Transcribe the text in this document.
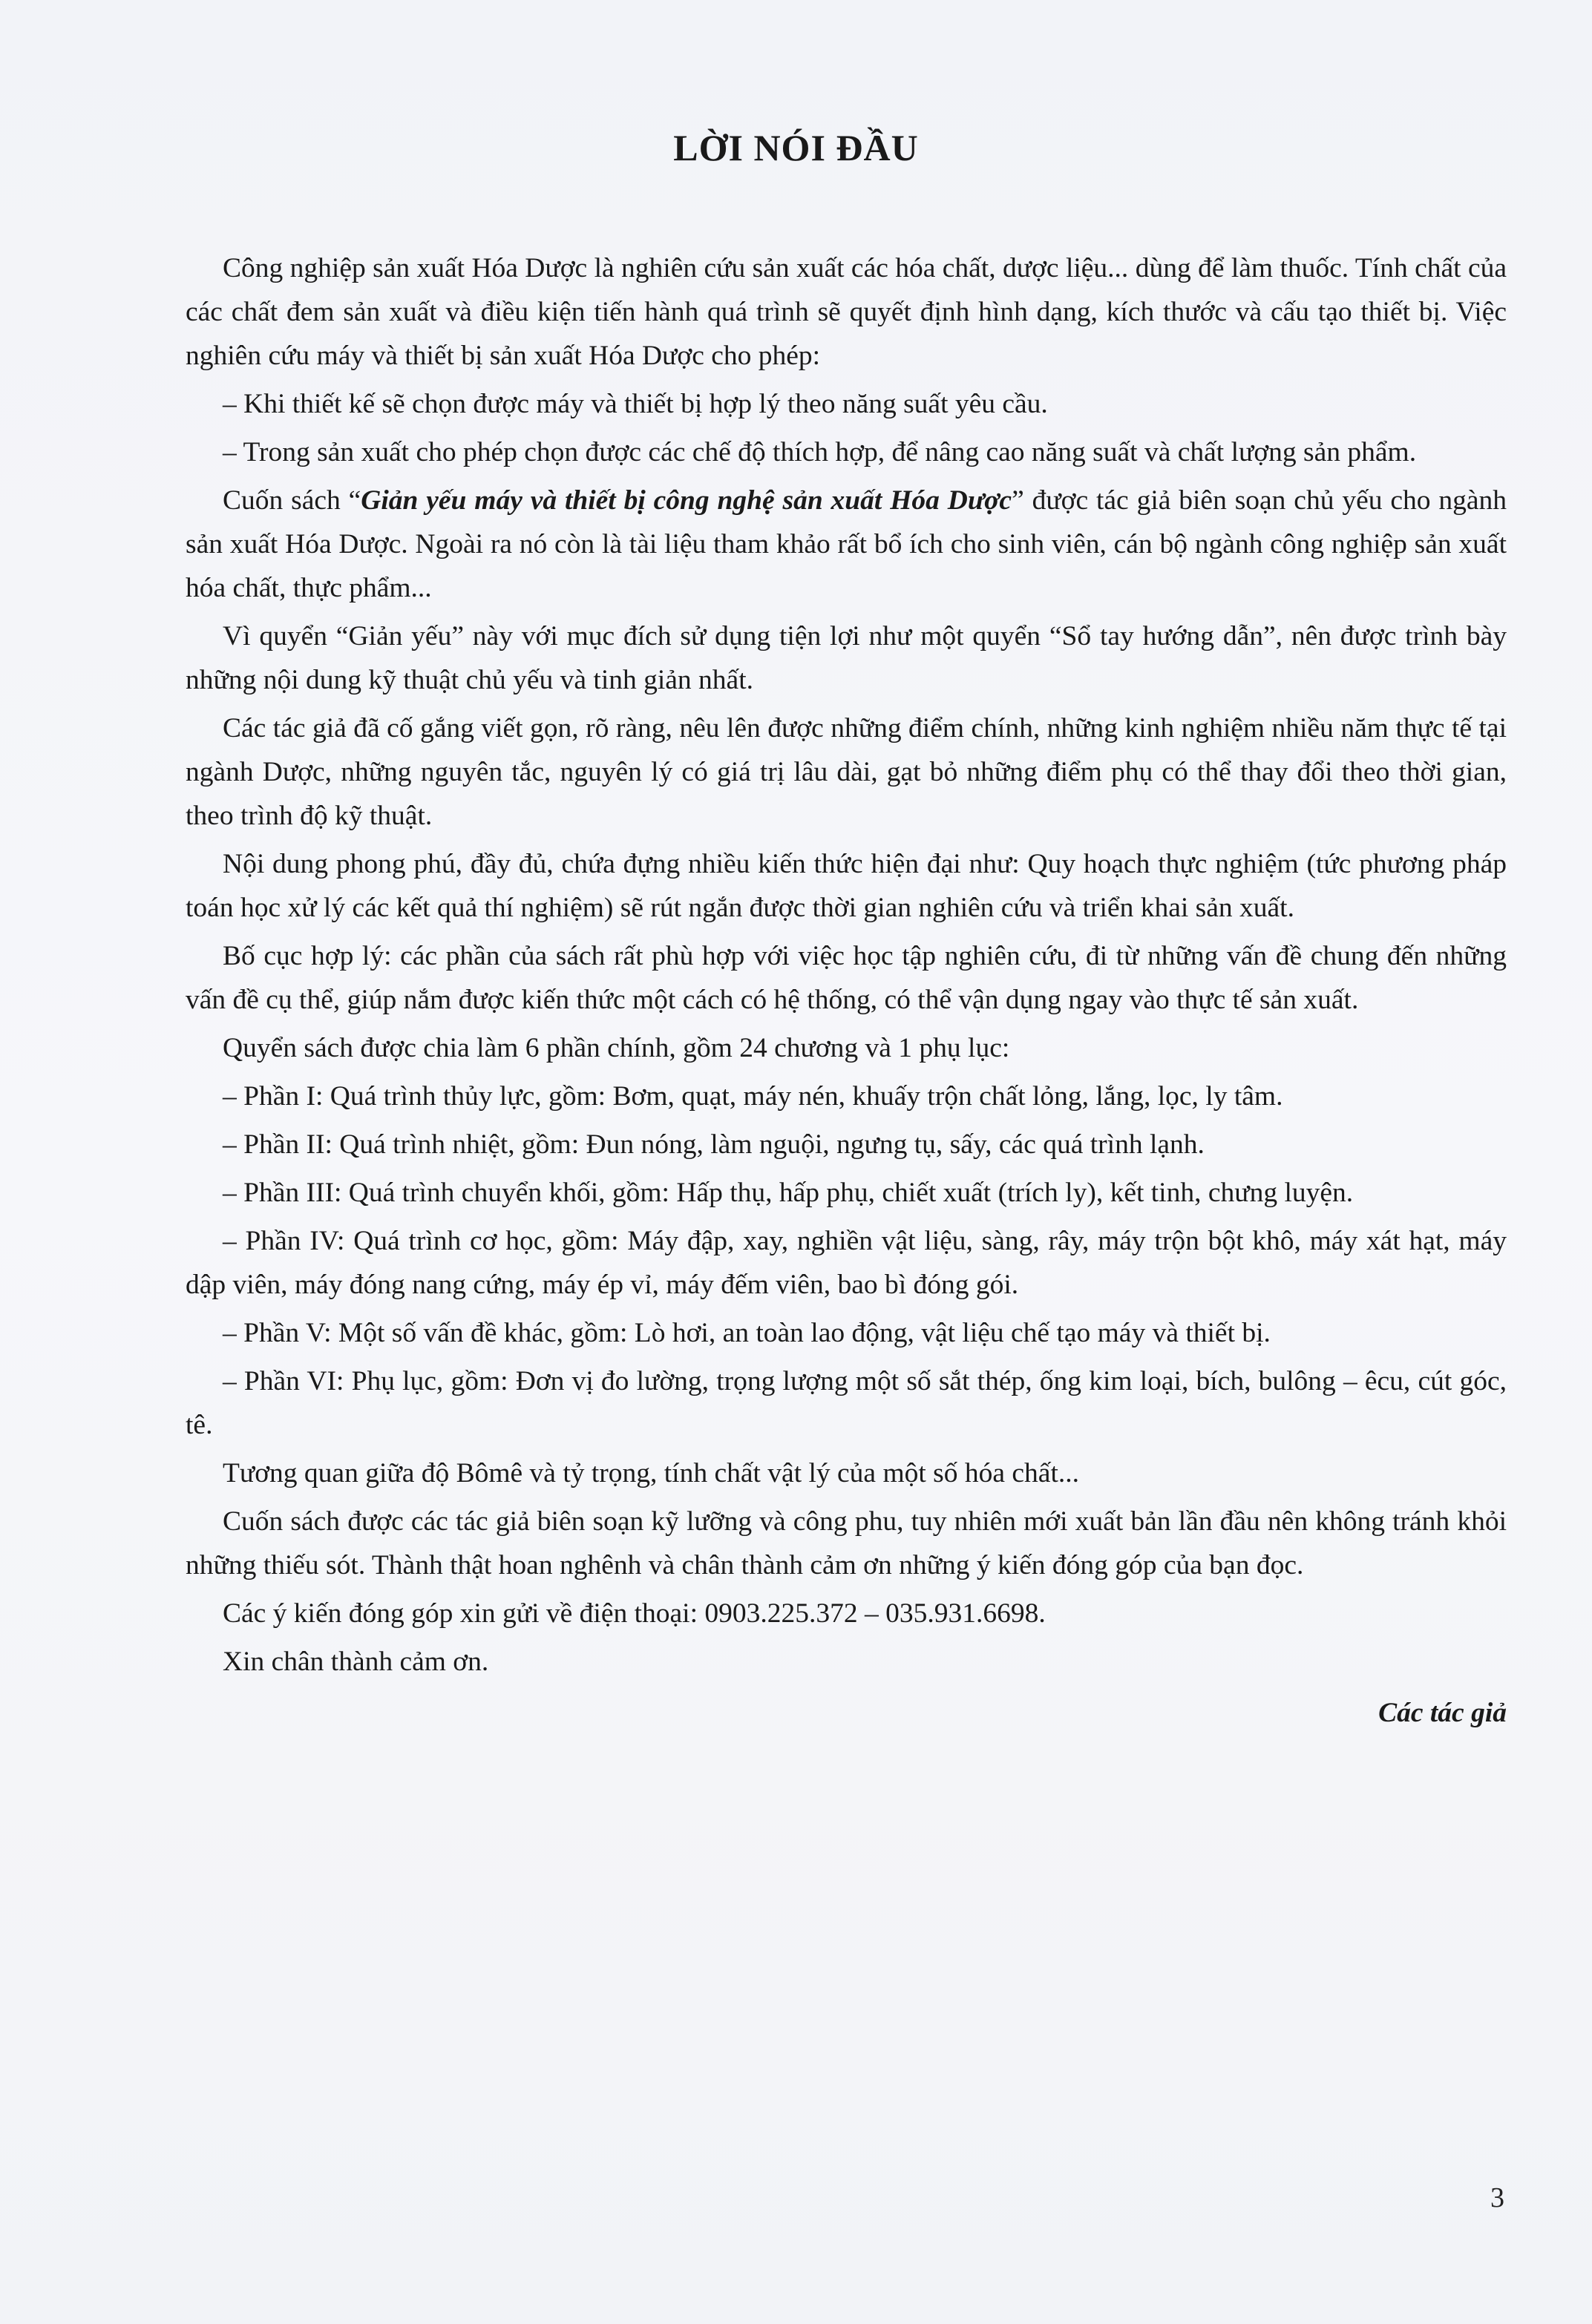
LỜI NÓI ĐẦU

Công nghiệp sản xuất Hóa Dược là nghiên cứu sản xuất các hóa chất, dược liệu... dùng để làm thuốc. Tính chất của các chất đem sản xuất và điều kiện tiến hành quá trình sẽ quyết định hình dạng, kích thước và cấu tạo thiết bị. Việc nghiên cứu máy và thiết bị sản xuất Hóa Dược cho phép:

– Khi thiết kế sẽ chọn được máy và thiết bị hợp lý theo năng suất yêu cầu.

– Trong sản xuất cho phép chọn được các chế độ thích hợp, để nâng cao năng suất và chất lượng sản phẩm.

Cuốn sách “Giản yếu máy và thiết bị công nghệ sản xuất Hóa Dược” được tác giả biên soạn chủ yếu cho ngành sản xuất Hóa Dược. Ngoài ra nó còn là tài liệu tham khảo rất bổ ích cho sinh viên, cán bộ ngành công nghiệp sản xuất hóa chất, thực phẩm...

Vì quyển “Giản yếu” này với mục đích sử dụng tiện lợi như một quyển “Sổ tay hướng dẫn”, nên được trình bày những nội dung kỹ thuật chủ yếu và tinh giản nhất.

Các tác giả đã cố gắng viết gọn, rõ ràng, nêu lên được những điểm chính, những kinh nghiệm nhiều năm thực tế tại ngành Dược, những nguyên tắc, nguyên lý có giá trị lâu dài, gạt bỏ những điểm phụ có thể thay đổi theo thời gian, theo trình độ kỹ thuật.

Nội dung phong phú, đầy đủ, chứa đựng nhiều kiến thức hiện đại như: Quy hoạch thực nghiệm (tức phương pháp toán học xử lý các kết quả thí nghiệm) sẽ rút ngắn được thời gian nghiên cứu và triển khai sản xuất.

Bố cục hợp lý: các phần của sách rất phù hợp với việc học tập nghiên cứu, đi từ những vấn đề chung đến những vấn đề cụ thể, giúp nắm được kiến thức một cách có hệ thống, có thể vận dụng ngay vào thực tế sản xuất.

Quyển sách được chia làm 6 phần chính, gồm 24 chương và 1 phụ lục:

– Phần I: Quá trình thủy lực, gồm: Bơm, quạt, máy nén, khuấy trộn chất lỏng, lắng, lọc, ly tâm.

– Phần II: Quá trình nhiệt, gồm: Đun nóng, làm nguội, ngưng tụ, sấy, các quá trình lạnh.

– Phần III: Quá trình chuyển khối, gồm: Hấp thụ, hấp phụ, chiết xuất (trích ly), kết tinh, chưng luyện.

– Phần IV: Quá trình cơ học, gồm: Máy đập, xay, nghiền vật liệu, sàng, rây, máy trộn bột khô, máy xát hạt, máy dập viên, máy đóng nang cứng, máy ép vỉ, máy đếm viên, bao bì đóng gói.

– Phần V: Một số vấn đề khác, gồm: Lò hơi, an toàn lao động, vật liệu chế tạo máy và thiết bị.

– Phần VI: Phụ lục, gồm: Đơn vị đo lường, trọng lượng một số sắt thép, ống kim loại, bích, bulông – êcu, cút góc, tê.

Tương quan giữa độ Bômê và tỷ trọng, tính chất vật lý của một số hóa chất...

Cuốn sách được các tác giả biên soạn kỹ lưỡng và công phu, tuy nhiên mới xuất bản lần đầu nên không tránh khỏi những thiếu sót. Thành thật hoan nghênh và chân thành cảm ơn những ý kiến đóng góp của bạn đọc.

Các ý kiến đóng góp xin gửi về điện thoại: 0903.225.372 – 035.931.6698.

Xin chân thành cảm ơn.

Các tác giả

3
